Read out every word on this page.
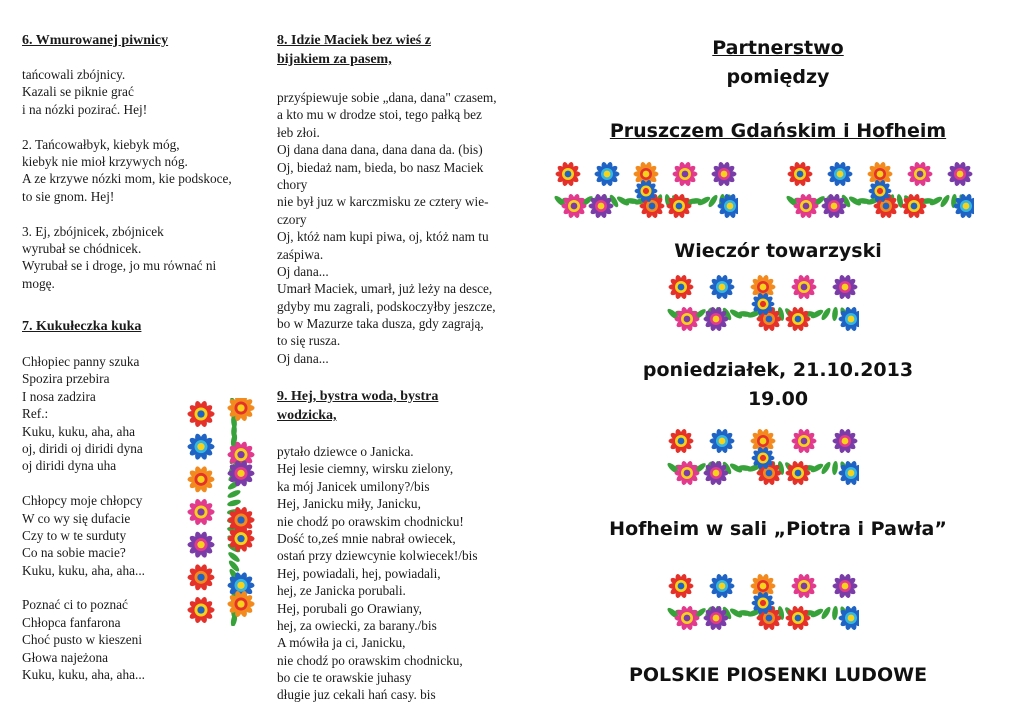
6. Wmurowanej piwnicy
tańcowali zbójnicy.
Kazali se piknie grać
i na nózki pozirać. Hej!
2. Tańcowałbyk, kiebyk móg,
kiebyk nie mioł krzywych nóg.
A ze krzywe nózki mom, kie podskoce,
to sie gnom. Hej!
3. Ej, zbójnicek, zbójnicek
wyrubał se chódnicek.
Wyrubał se i droge, jo mu rόwnać ni
mogę.
7. Kukułeczka kuka
Chłopiec panny szuka
Spozira przebira
I nosa zadzira
Ref.:
Kuku, kuku, aha, aha
oj, diridi oj diridi dyna
oj diridi dyna uha
Chłopcy moje chłopcy
W co wy się dufacie
Czy to w te surduty
Co na sobie macie?
Kuku, kuku, aha, aha...
Poznać ci to poznać
Chłopca fanfarona
Choć pusto w kieszeni
Głowa najeżona
Kuku, kuku, aha, aha...
8. Idzie Maciek bez wieś z
bijakiem za pasem,
przyśpiewuje sobie „dana, dana" czasem,
a kto mu w drodze stoi, tego pałką bez
łeb złoi.
Oj dana dana dana, dana dana da. (bis)
Oj, biedaż nam, bieda, bo nasz Maciek
chory
nie był juz w karczmisku ze cztery wie-
czory
Oj, któż nam kupi piwa, oj, któż nam tu
zaśpiwa.
Oj dana...
Umarł Maciek, umarł, już leży na desce,
gdyby mu zagrali, podskoczyłby jeszcze,
bo w Mazurze taka dusza, gdy zagrają,
to się rusza.
Oj dana...
9. Hej, bystra woda, bystra
wodzicka,
pytało dziewce o Janicka.
Hej lesie ciemny, wirsku zielony,
ka mój Janicek umilony?/bis
Hej, Janicku miły, Janicku,
nie chodź po orawskim chodnicku!
Dość to,ześ mnie nabrał owiecek,
ostań przy dziewcynie kolwiecek!/bis
Hej, powiadali, hej, powiadali,
hej, ze Janicka porubali.
Hej, porubali go Orawiany,
hej, za owiecki, za barany./bis
A mówiła ja ci, Janicku,
nie chodź po orawskim chodnicku,
bo cie te orawskie juhasy
długie juz cekali hań casy. bis
Partnerstwo
pomiędzy
Pruszczem Gdańskim i Hofheim
Wieczór towarzyski
poniedziałek, 21.10.2013
19.00
Hofheim w sali „Piotra i Pawła”
POLSKIE PIOSENKI LUDOWE
